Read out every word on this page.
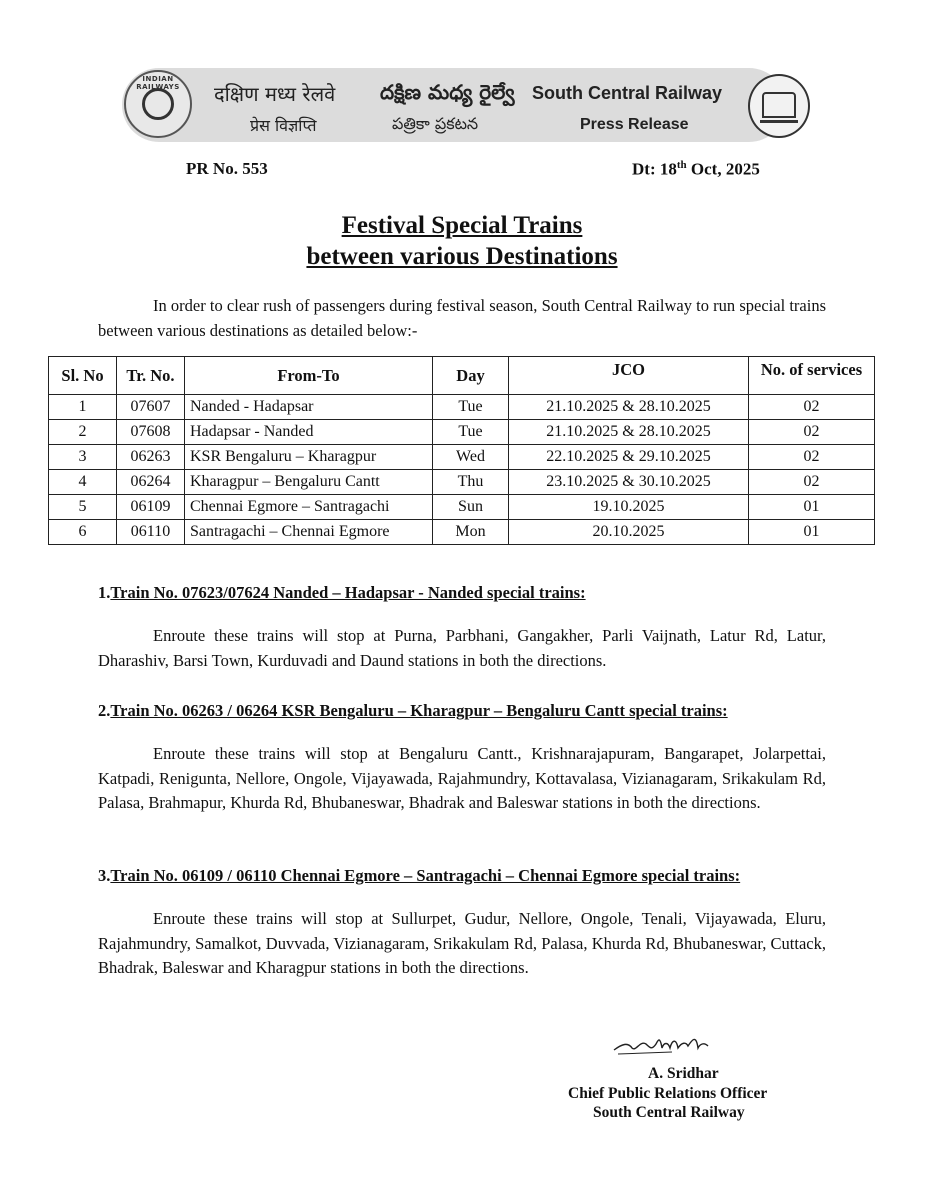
INDIAN RAILWAYS	दक्षिण मध्य रेलवे దక్షిణ మధ్య రైల్వే South Central Railway
प्रेस विज्ञप्ति	పత్రికా ప్రకటన	Press Release
PR No. 553	Dt: 18th Oct, 2025
Festival Special Trains
between various Destinations
In order to clear rush of passengers during festival season, South Central Railway to run special trains between various destinations as detailed below:-
Sl. No	Tr. No.	From-To	Day	JCO	No. of services
1	07607	Nanded - Hadapsar	Tue	21.10.2025 & 28.10.2025	02
2	07608	Hadapsar - Nanded	Tue	21.10.2025 & 28.10.2025	02
3	06263	KSR Bengaluru – Kharagpur	Wed	22.10.2025 & 29.10.2025	02
4	06264	Kharagpur – Bengaluru Cantt	Thu	23.10.2025 & 30.10.2025	02
5	06109	Chennai Egmore – Santragachi	Sun	19.10.2025	01
6	06110	Santragachi – Chennai Egmore	Mon	20.10.2025	01
1.Train No. 07623/07624 Nanded – Hadapsar - Nanded special trains:
Enroute these trains will stop at Purna, Parbhani, Gangakher, Parli Vaijnath, Latur Rd, Latur, Dharashiv, Barsi Town, Kurduvadi and Daund stations in both the directions.
2.Train No. 06263 / 06264 KSR Bengaluru – Kharagpur – Bengaluru Cantt special trains:
Enroute these trains will stop at Bengaluru Cantt., Krishnarajapuram, Bangarapet, Jolarpettai, Katpadi, Renigunta, Nellore, Ongole, Vijayawada, Rajahmundry, Kottavalasa, Vizianagaram, Srikakulam Rd, Palasa, Brahmapur, Khurda Rd, Bhubaneswar, Bhadrak and Baleswar stations in both the directions.
3.Train No. 06109 / 06110 Chennai Egmore – Santragachi – Chennai Egmore special trains:
Enroute these trains will stop at Sullurpet, Gudur, Nellore, Ongole, Tenali, Vijayawada, Eluru, Rajahmundry, Samalkot, Duvvada, Vizianagaram, Srikakulam Rd, Palasa, Khurda Rd, Bhubaneswar, Cuttack, Bhadrak, Baleswar and Kharagpur stations in both the directions.
A. Sridhar
Chief Public Relations Officer
South Central Railway
